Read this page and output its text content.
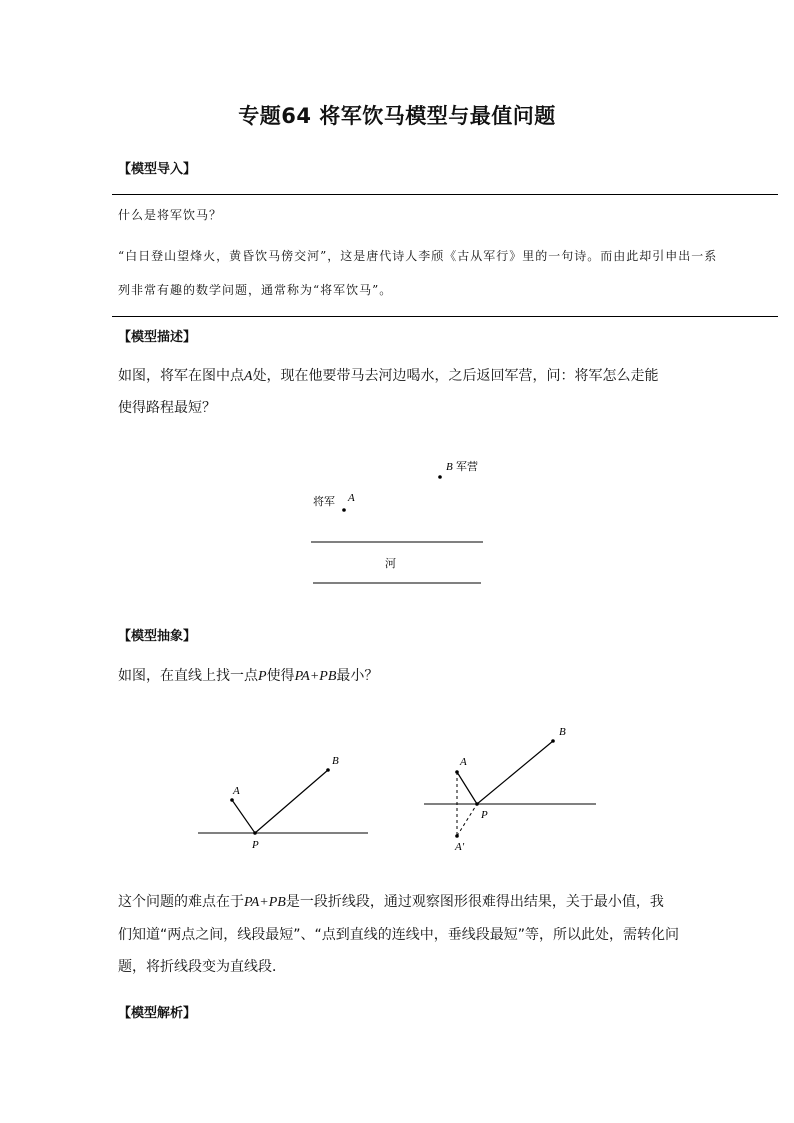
专题64 将军饮马模型与最值问题
【模型导入】
什么是将军饮马？
“白日登山望烽火，黄昏饮马傍交河”，这是唐代诗人李颀《古从军行》里的一句诗。而由此却引申出一系
列非常有趣的数学问题，通常称为“将军饮马”。
【模型描述】
如图，将军在图中点A处，现在他要带马去河边喝水，之后返回军营，问：将军怎么走能
使得路程最短？
B 军营
A
将军
河
【模型抽象】
如图，在直线上找一点P使得PA+PB最小？
A
B
P
A
B
P
A′
这个问题的难点在于PA+PB是一段折线段，通过观察图形很难得出结果，关于最小值，我
们知道“两点之间，线段最短”、“点到直线的连线中，垂线段最短”等，所以此处，需转化问
题，将折线段变为直线段．
【模型解析】
